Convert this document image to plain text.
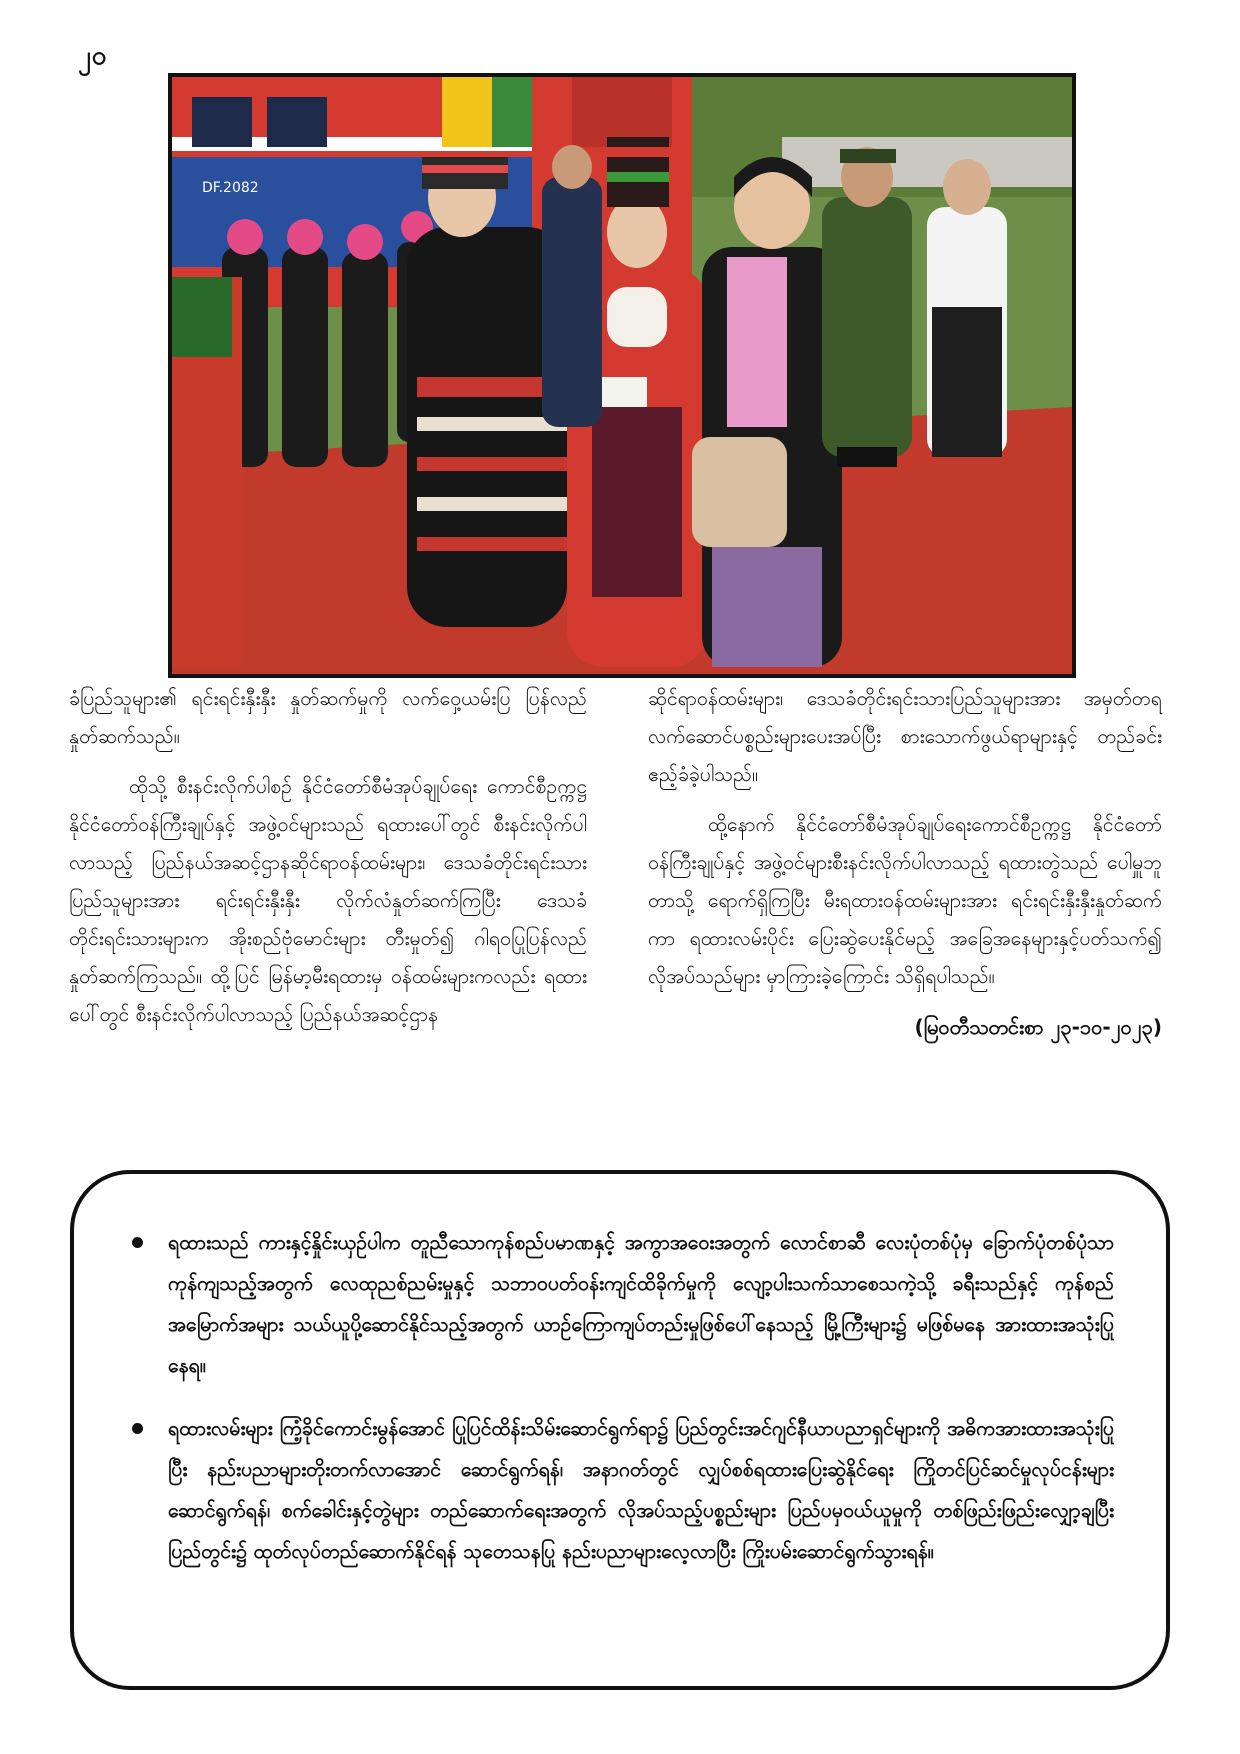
၂၀
DF.2082

ခံပြည်သူများ၏ ရင်းရင်းနှီးနှီး နှုတ်ဆက်မှုကို လက်ဝှေ့ယမ်းပြ ပြန်လည်နှုတ်ဆက်သည်။

ထိုသို့ စီးနင်းလိုက်ပါစဉ် နိုင်ငံတော်စီမံအုပ်ချုပ်ရေး ကောင်စီဥက္ကဋ္ဌ နိုင်ငံတော်ဝန်ကြီးချုပ်နှင့် အဖွဲ့ဝင်များသည် ရထားပေါ်တွင် စီးနင်းလိုက်ပါလာသည့် ပြည်နယ်အဆင့်ဌာနဆိုင်ရာဝန်ထမ်းများ၊ ဒေသခံတိုင်းရင်းသားပြည်သူများအား ရင်းရင်းနှီးနှီး လိုက်လံနှုတ်ဆက်ကြပြီး ဒေသခံတိုင်းရင်းသားများက အိုးစည်ဗုံမောင်းများ တီးမှုတ်၍ ဂါရဝပြုပြန်လည်နှုတ်ဆက်ကြသည်။ ထို့ပြင် မြန်မာ့မီးရထားမှ ဝန်ထမ်းများကလည်း ရထားပေါ်တွင် စီးနင်းလိုက်ပါလာသည့် ပြည်နယ်အဆင့်ဌာန

ဆိုင်ရာဝန်ထမ်းများ၊ ဒေသခံတိုင်းရင်းသားပြည်သူများအား အမှတ်တရလက်ဆောင်ပစ္စည်းများပေးအပ်ပြီး စားသောက်ဖွယ်ရာများနှင့် တည်ခင်းဧည့်ခံခဲ့ပါသည်။

ထို့နောက် နိုင်ငံတော်စီမံအုပ်ချုပ်ရေးကောင်စီဥက္ကဋ္ဌ နိုင်ငံတော်ဝန်ကြီးချုပ်နှင့် အဖွဲ့ဝင်များစီးနင်းလိုက်ပါလာသည့် ရထားတွဲသည် ပေါမှူဘူတာသို့ ရောက်ရှိကြပြီး မီးရထားဝန်ထမ်းများအား ရင်းရင်းနှီးနှီးနှုတ်ဆက်ကာ ရထားလမ်းပိုင်း ပြေးဆွဲပေးနိုင်မည့် အခြေအနေများနှင့်ပတ်သက်၍ လိုအပ်သည်များ မှာကြားခဲ့ကြောင်း သိရှိရပါသည်။

(မြဝတီသတင်းစာ ၂၃-၁၀-၂၀၂၃)
ရထားသည် ကားနှင့်နှိုင်းယှဉ်ပါက တူညီသောကုန်စည်ပမာဏနှင့် အကွာအဝေးအတွက် လောင်စာဆီ လေးပုံတစ်ပုံမှ ခြောက်ပုံတစ်ပုံသာ ကုန်ကျသည့်အတွက် လေထုညစ်ညမ်းမှုနှင့် သဘာဝပတ်ဝန်းကျင်ထိခိုက်မှုကို လျော့ပါးသက်သာစေသကဲ့သို့ ခရီးသည်နှင့် ကုန်စည်အမြောက်အများ သယ်ယူပို့ဆောင်နိုင်သည့်အတွက် ယာဉ်ကြောကျပ်တည်းမှုဖြစ်ပေါ်နေသည့် မြို့ကြီးများ၌ မဖြစ်မနေ အားထားအသုံးပြုနေရ။
ရထားလမ်းများ ကြံ့ခိုင်ကောင်းမွန်အောင် ပြုပြင်ထိန်းသိမ်းဆောင်ရွက်ရာ၌ ပြည်တွင်းအင်ဂျင်နီယာပညာရှင်များကို အဓိကအားထားအသုံးပြုပြီး နည်းပညာများတိုးတက်လာအောင် ဆောင်ရွက်ရန်၊ အနာဂတ်တွင် လျှပ်စစ်ရထားပြေးဆွဲနိုင်ရေး ကြိုတင်ပြင်ဆင်မှုလုပ်ငန်းများဆောင်ရွက်ရန်၊ စက်ခေါင်းနှင့်တွဲများ တည်ဆောက်ရေးအတွက် လိုအပ်သည့်ပစ္စည်းများ ပြည်ပမှဝယ်ယူမှုကို တစ်ဖြည်းဖြည်းလျှော့ချပြီး ပြည်တွင်း၌ ထုတ်လုပ်တည်ဆောက်နိုင်ရန် သုတေသနပြု နည်းပညာများလေ့လာပြီး ကြိုးပမ်းဆောင်ရွက်သွားရန်။
